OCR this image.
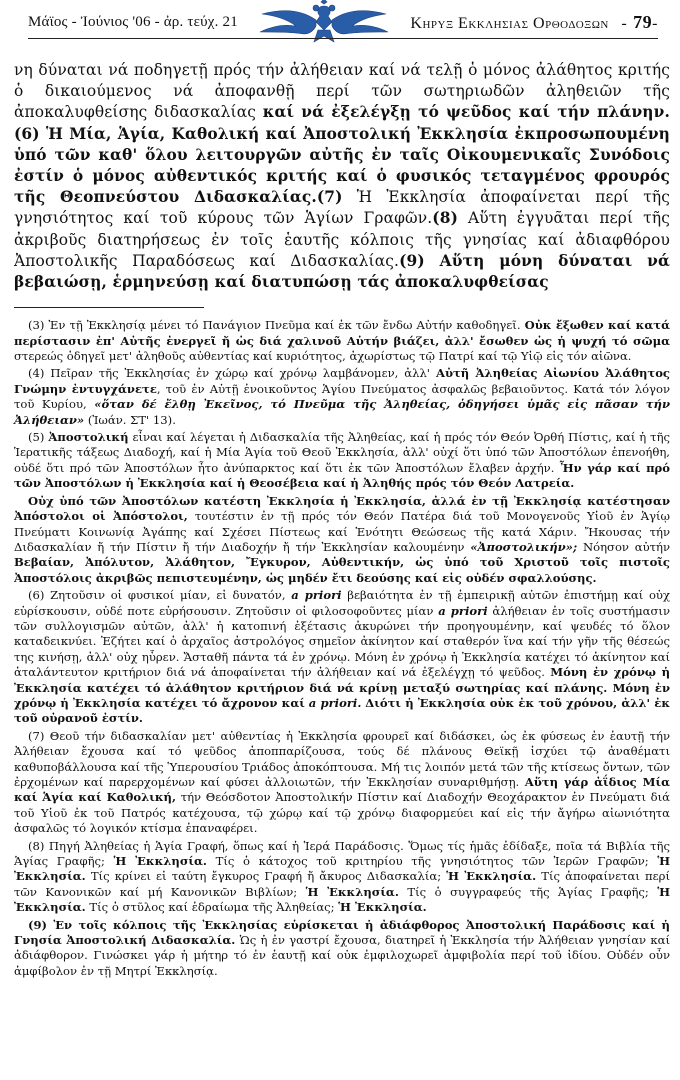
Μάϊος - Ἰούνιος '06 - ἀρ. τεύχ. 21	Κηρυξ Εκκλησιας Ορθοδοξων - 79-
νη δύναται νά ποδηγετῇ πρός τήν ἀλήθειαν καί νά τελῇ ὁ μόνος ἀλάθητος κριτής ὁ δικαιούμενος νά ἀποφανθῇ περί τῶν σωτηριωδῶν ἀληθειῶν τῆς ἀποκαλυφθείσης διδασκαλίας καί νά ἐξελέγξῃ τό ψεῦδος καί τήν πλάνην.(6) Ἡ Μία, Ἁγία, Καθολική καί Ἀποστολική Ἐκκλησία ἐκπροσωπουμένη ὑπό τῶν καθ' ὅλου λειτουργῶν αὐτῆς ἐν ταῖς Οἰκουμενικαῖς Συνόδοις ἐστίν ὁ μόνος αὐθεντικός κριτής καί ὁ φυσικός τεταγμένος φρουρός τῆς Θεοπνεύστου Διδασκαλίας.(7) Ἡ Ἐκκλησία ἀποφαίνεται περί τῆς γνησιότητος καί τοῦ κύρους τῶν Ἁγίων Γραφῶν.(8) Αὕτη ἐγγυᾶται περί τῆς ἀκριβοῦς διατηρήσεως ἐν τοῖς ἑαυτῆς κόλποις τῆς γνησίας καί ἀδιαφθόρου Ἀποστολικῆς Παραδόσεως καί Διδασκαλίας.(9) Αὕτη μόνη δύναται νά βεβαιώσῃ, ἑρμηνεύσῃ καί διατυπώσῃ τάς ἀποκαλυφθείσας

(3) Ἐν τῇ Ἐκκλησίᾳ μένει τό Πανάγιον Πνεῦμα καί ἐκ τῶν ἔνδω Αὐτήν καθοδηγεῖ. Οὐκ ἔξωθεν καί κατά περίστασιν ἐπ' Αὐτῆς ἐνεργεῖ ἤ ὡς διά χαλινοῦ Αὐτήν βιάζει, ἀλλ' ἔσωθεν ὡς ἡ ψυχή τό σῶμα στερεώς ὁδηγεῖ μετ' ἀληθοῦς αὐθεντίας καί κυριότητος, ἀχωρίστως τῷ Πατρί καί τῷ Υἱῷ εἰς τόν αἰῶνα.

(4) Πεῖραν τῆς Ἐκκλησίας ἐν χώρῳ καί χρόνῳ λαμβάνομεν, ἀλλ' Αὐτῆ Ἀληθείας Αἰωνίου Ἀλάθητος Γνώμην ἐντυγχάνετε, τοῦ ἐν Αὐτῇ ἐνοικοῦντος Ἁγίου Πνεύματος ἀσφαλῶς βεβαιοῦντος. Κατά τόν λόγον τοῦ Κυρίου, «ὅταν δέ ἔλθῃ Ἐκεῖνος, τό Πνεῦμα τῆς Ἀληθείας, ὁδηγήσει ὑμᾶς εἰς πᾶσαν τήν Ἀλήθειαν» (Ἰωάν. ΣΤ' 13).

(5) Ἀποστολική εἶναι καί λέγεται ἡ Διδασκαλία τῆς Ἀληθείας, καί ἡ πρός τόν Θεόν Ὀρθή Πίστις, καί ἡ τῆς Ἱερατικῆς τάξεως Διαδοχή, καί ἡ Μία Ἁγία τοῦ Θεοῦ Ἐκκλησία, ἀλλ' οὐχί ὅτι ὑπό τῶν Ἀποστόλων ἐπενοήθη, οὐδέ ὅτι πρό τῶν Ἀποστόλων ἦτο ἀνύπαρκτος καί ὅτι ἐκ τῶν Ἀποστόλων ἔλαβεν ἀρχήν. Ἦν γάρ καί πρό τῶν Ἀποστόλων ἡ Ἐκκλησία καί ἡ Θεοσέβεια καί ἡ Ἀληθής πρός τόν Θεόν Λατρεία.

Οὐχ ὑπό τῶν Ἀποστόλων κατέστη Ἐκκλησία ἡ Ἐκκλησία, ἀλλά ἐν τῇ Ἐκκλησίᾳ κατέστησαν Ἀπόστολοι οἱ Ἀπόστολοι, τουτέστιν ἐν τῇ πρός τόν Θεόν Πατέρα διά τοῦ Μονογενοῦς Υἱοῦ ἐν Ἁγίῳ Πνεύματι Κοινωνίᾳ Ἀγάπης καί Σχέσει Πίστεως καί Ἑνότητι Θεώσεως τῆς κατά Χάριν. Ἤκουσας τήν Διδασκαλίαν ἤ τήν Πίστιν ἤ τήν Διαδοχήν ἤ τήν Ἐκκλησίαν καλουμένην «Ἀποστολικήν»; Νόησον αὐτήν Βεβαίαν, Ἀπόλυτον, Ἀλάθητον, Ἔγκυρον, Αὐθεντικήν, ὡς ὑπό τοῦ Χριστοῦ τοῖς πιστοῖς Ἀποστόλοις ἀκριβῶς πεπιστευμένην, ὡς μηδέν ἔτι δεούσης καί εἰς οὐδέν σφαλλούσης.

(6) Ζητοῦσιν οἱ φυσικοί μίαν, εἰ δυνατόν, a priori βεβαιότητα ἐν τῇ ἐμπειρικῇ αὐτῶν ἐπιστήμῃ καί οὐχ εὑρίσκουσιν, οὐδέ ποτε εὑρήσουσιν. Ζητοῦσιν οἱ φιλοσοφοῦντες μίαν a priori ἀλήθειαν ἐν τοῖς συστήμασιν τῶν συλλογισμῶν αὐτῶν, ἀλλ' ἡ κατοπινή ἐξέτασις ἀκυρώνει τήν προηγουμένην, καί ψευδές τό ὅλον καταδεικνύει. Ἐζήτει καί ὁ ἀρχαῖος ἀστρολόγος σημεῖον ἀκίνητον καί σταθερόν ἵνα καί τήν γῆν τῆς θέσεώς της κινήσῃ, ἀλλ' οὐχ ηὗρεν. Ἄσταθῆ πάντα τά ἐν χρόνῳ. Μόνη ἐν χρόνῳ ἡ Ἐκκλησία κατέχει τό ἀκίνητον καί ἀταλάντευτον κριτήριον διά νά ἀποφαίνεται τήν ἀλήθειαν καί νά ἐξελέγχῃ τό ψεῦδος. Μόνη ἐν χρόνῳ ἡ Ἐκκλησία κατέχει τό ἀλάθητον κριτήριον διά νά κρίνῃ μεταξύ σωτηρίας καί πλάνης. Μόνη ἐν χρόνῳ ἡ Ἐκκλησία κατέχει τό ἄχρονον καί a priori. Διότι ἡ Ἐκκλησία οὐκ ἐκ τοῦ χρόνου, ἀλλ' ἐκ τοῦ οὐρανοῦ ἐστίν.

(7) Θεοῦ τήν διδασκαλίαν μετ' αὐθεντίας ἡ Ἐκκλησία φρουρεῖ καί διδάσκει, ὡς ἐκ φύσεως ἐν ἑαυτῇ τήν Ἀλήθειαν ἔχουσα καί τό ψεῦδος ἀποππαρίζουσα, τούς δέ πλάνους Θεϊκῇ ἰσχύει τῷ ἀναθέματι καθυποβάλλουσα καί τῆς Ὑπερουσίου Τριάδος ἀποκόπτουσα. Μή τις λοιπόν μετά τῶν τῆς κτίσεως ὄντων, τῶν ἐρχομένων καί παρερχομένων καί φύσει ἀλλοιωτῶν, τήν Ἐκκλησίαν συναριθμήσῃ. Αὕτη γάρ ἀΐδιος Μία καί Ἁγία καί Καθολική, τήν Θεόσδοτον Ἀποστολικήν Πίστιν καί Διαδοχήν Θεοχάρακτον ἐν Πνεύματι διά τοῦ Υἱοῦ ἐκ τοῦ Πατρός κατέχουσα, τῷ χώρῳ καί τῷ χρόνῳ διαφορμεύει καί εἰς τήν ἄγήρω αἰωνιότητα ἀσφαλῶς τό λογικόν κτίσμα ἐπαναφέρει.

(8) Πηγή Ἀληθείας ἡ Ἁγία Γραφή, ὅπως καί ἡ Ἱερά Παράδοσις. Ὅμως τίς ἡμᾶς ἐδίδαξε, ποῖα τά Βιβλία τῆς Ἁγίας Γραφῆς; Ἡ Ἐκκλησία. Τίς ὁ κάτοχος τοῦ κριτηρίου τῆς γνησιότητος τῶν Ἱερῶν Γραφῶν; Ἡ Ἐκκλησία. Τίς κρίνει εἰ ταύτη ἔγκυρος Γραφή ἤ ἄκυρος Διδασκαλία; Ἡ Ἐκκλησία. Τίς ἀποφαίνεται περί τῶν Κανονικῶν καί μή Κανονικῶν Βιβλίων; Ἡ Ἐκκλησία. Τίς ὁ συγγραφεύς τῆς Ἁγίας Γραφῆς; Ἡ Ἐκκλησία. Τίς ὁ στῦλος καί ἑδραίωμα τῆς Ἀληθείας; Ἡ Ἐκκλησία.

(9) Ἐν τοῖς κόλποις τῆς Ἐκκλησίας εὑρίσκεται ἡ ἀδιάφθορος Ἀποστολική Παράδοσις καί ἡ Γνησία Ἀποστολική Διδασκαλία. Ὡς ἡ ἐν γαστρί ἔχουσα, διατηρεῖ ἡ Ἐκκλησία τήν Ἀλήθειαν γνησίαν καί ἀδιάφθορον. Γινώσκει γάρ ἡ μήτηρ τό ἐν ἑαυτῇ καί οὐκ ἐμφιλοχωρεῖ ἀμφιβολία περί τοῦ ἰδίου. Οὐδέν οὖν ἀμφίβολον ἐν τῇ Μητρί Ἐκκλησίᾳ.
